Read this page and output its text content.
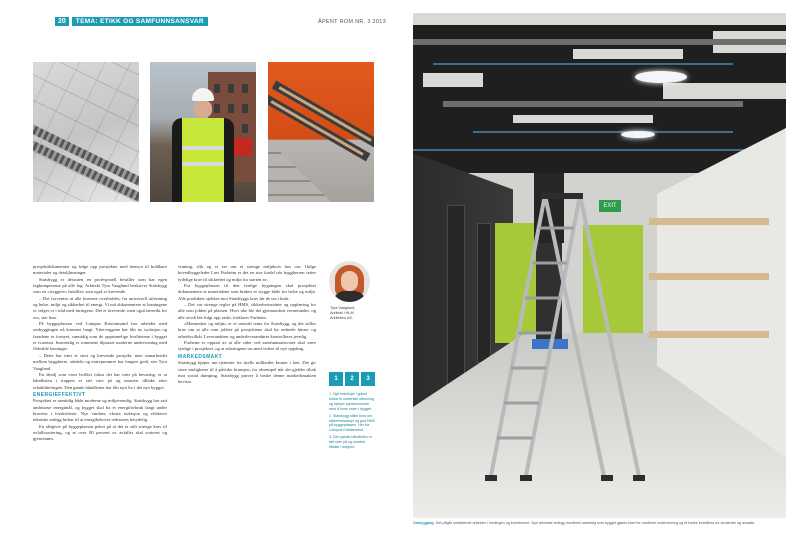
20	TEMA: ETIKK OG SAMFUNNSANSVAR	ÅPENT ROM NR. 3 2013

prosjektdokumenter og følge opp prosjektet med hensyn til holdbare materialer og detaljløsninger.

Statsbygg er dessuten en profesjonell bestiller som har egen fagkompetanse på alle fag. Arkitekt Tyra Vaagland beskriver Statsbygg som en «tryggere» bestiller, som også er krevende.

– Det forventes at alle kravene overholdes, fra universell utforming og helse, miljø og sikkerhet til energi. Vi må dokumentere at løsningene vi velger er i tråd med føringene. Det er krevende, men også lærerikt for oss, sier hun.

På byggeplassen ved Campus Kristiansand har arbeidet med ombyggingen nå kommet langt. Ytterveggene har fått ny isolasjon og fasadene er fornyet, samtidig som de opprinnelige kvalitetene i bygget er ivaretatt. Innvendig er rommene tilpasset moderne undervisning med fleksible løsninger.

– Dette har vært et stort og krevende prosjekt, men samarbeidet mellom byggherre, arkitekt og entreprenører har fungert godt, sier Tyra Vaagland.

En detalj som viser hvilket fokus det har vært på bevaring, er at håndlisten i trappen er tatt vare på og montert tilbake etter rehabiliteringen. Den gamle håndlisten har fått nytt liv i det nye bygget.

ENERGIEFFEKTIVT

Prosjektet er samtidig både moderne og miljøvennlig. Statsbygg har satt ambisiøse energimål, og bygget skal ha et energiforbruk langt under kravene i forskriftene. Nye vinduer, ekstra isolasjon og effektive tekniske anlegg bidrar til at energibehovet reduseres betydelig.

En rådgiver på byggeplassen peker på at det er stilt strenge krav til avfallssortering, og at over 80 prosent av avfallet skal sorteres og gjenvinnes.

vinning, slik og vi ser om et strenge miljøkrav hos oss. Ifølge hovedbyggeleder Lars Furheim er det en stor fordel når byggherren setter tydelige krav til sikkerhet og miljø fra starten av.

Fra byggeplassen til den ferdige bygningen skal prosjektet dokumentere at materialene som brukes er trygge både for helse og miljø. Alle produkter sjekkes mot Statsbyggs krav før de tas i bruk.

– Det var strenge regler på HMS, sikkerhetsrutiner og opplæring for alle som jobbet på plassen. Hver uke ble det gjennomført vernerunder, og alle avvik ble fulgt opp raskt, forklarer Furheim.

«Mennesker og miljø» er et sentralt tema for Statsbygg, og det stilles krav om at alle som jobber på prosjektene skal ha ordnede lønns- og arbeidsvilkår. Leverandører og underleverandører kontrolleres jevnlig.

Furheim er opptatt av at alle sider ved samfunnsansvaret skal være synlige i prosjektet, og at erfaringene tas med videre til nye oppdrag.

MARKEDSMAKT

Statsbygg kjøper inn tjenester for titalls milliarder kroner i året. Det gir store muligheter til å påvirke bransjen, for eksempel når det gjelder tiltak mot sosial dumping. Statsbygg prøver å bruke denne markedsmakten bevisst.

Tyra Vaagland,
Arkitekt i HLM
Arkitektur AS.
1	2	3

1. Nye ledelinjer i gulvet bidrar til universell utforming og hjelper synshemmede med å finne veien i bygget.

2. Statsbygg stiller krav om sikkerhetsutstyr og god HMS på byggeplassen. Her fra Campus Kristiansand.

3. Den gamle håndlisten er tatt vare på og montert tilbake i trappen.

EXIT
Ombygging: Det pågår omfattende arbeider i himlingen og korridorene. Nye tekniske anlegg monteres samtidig som bygget gjøres klart for moderne undervisning og et bedre inneklima for studenter og ansatte.
